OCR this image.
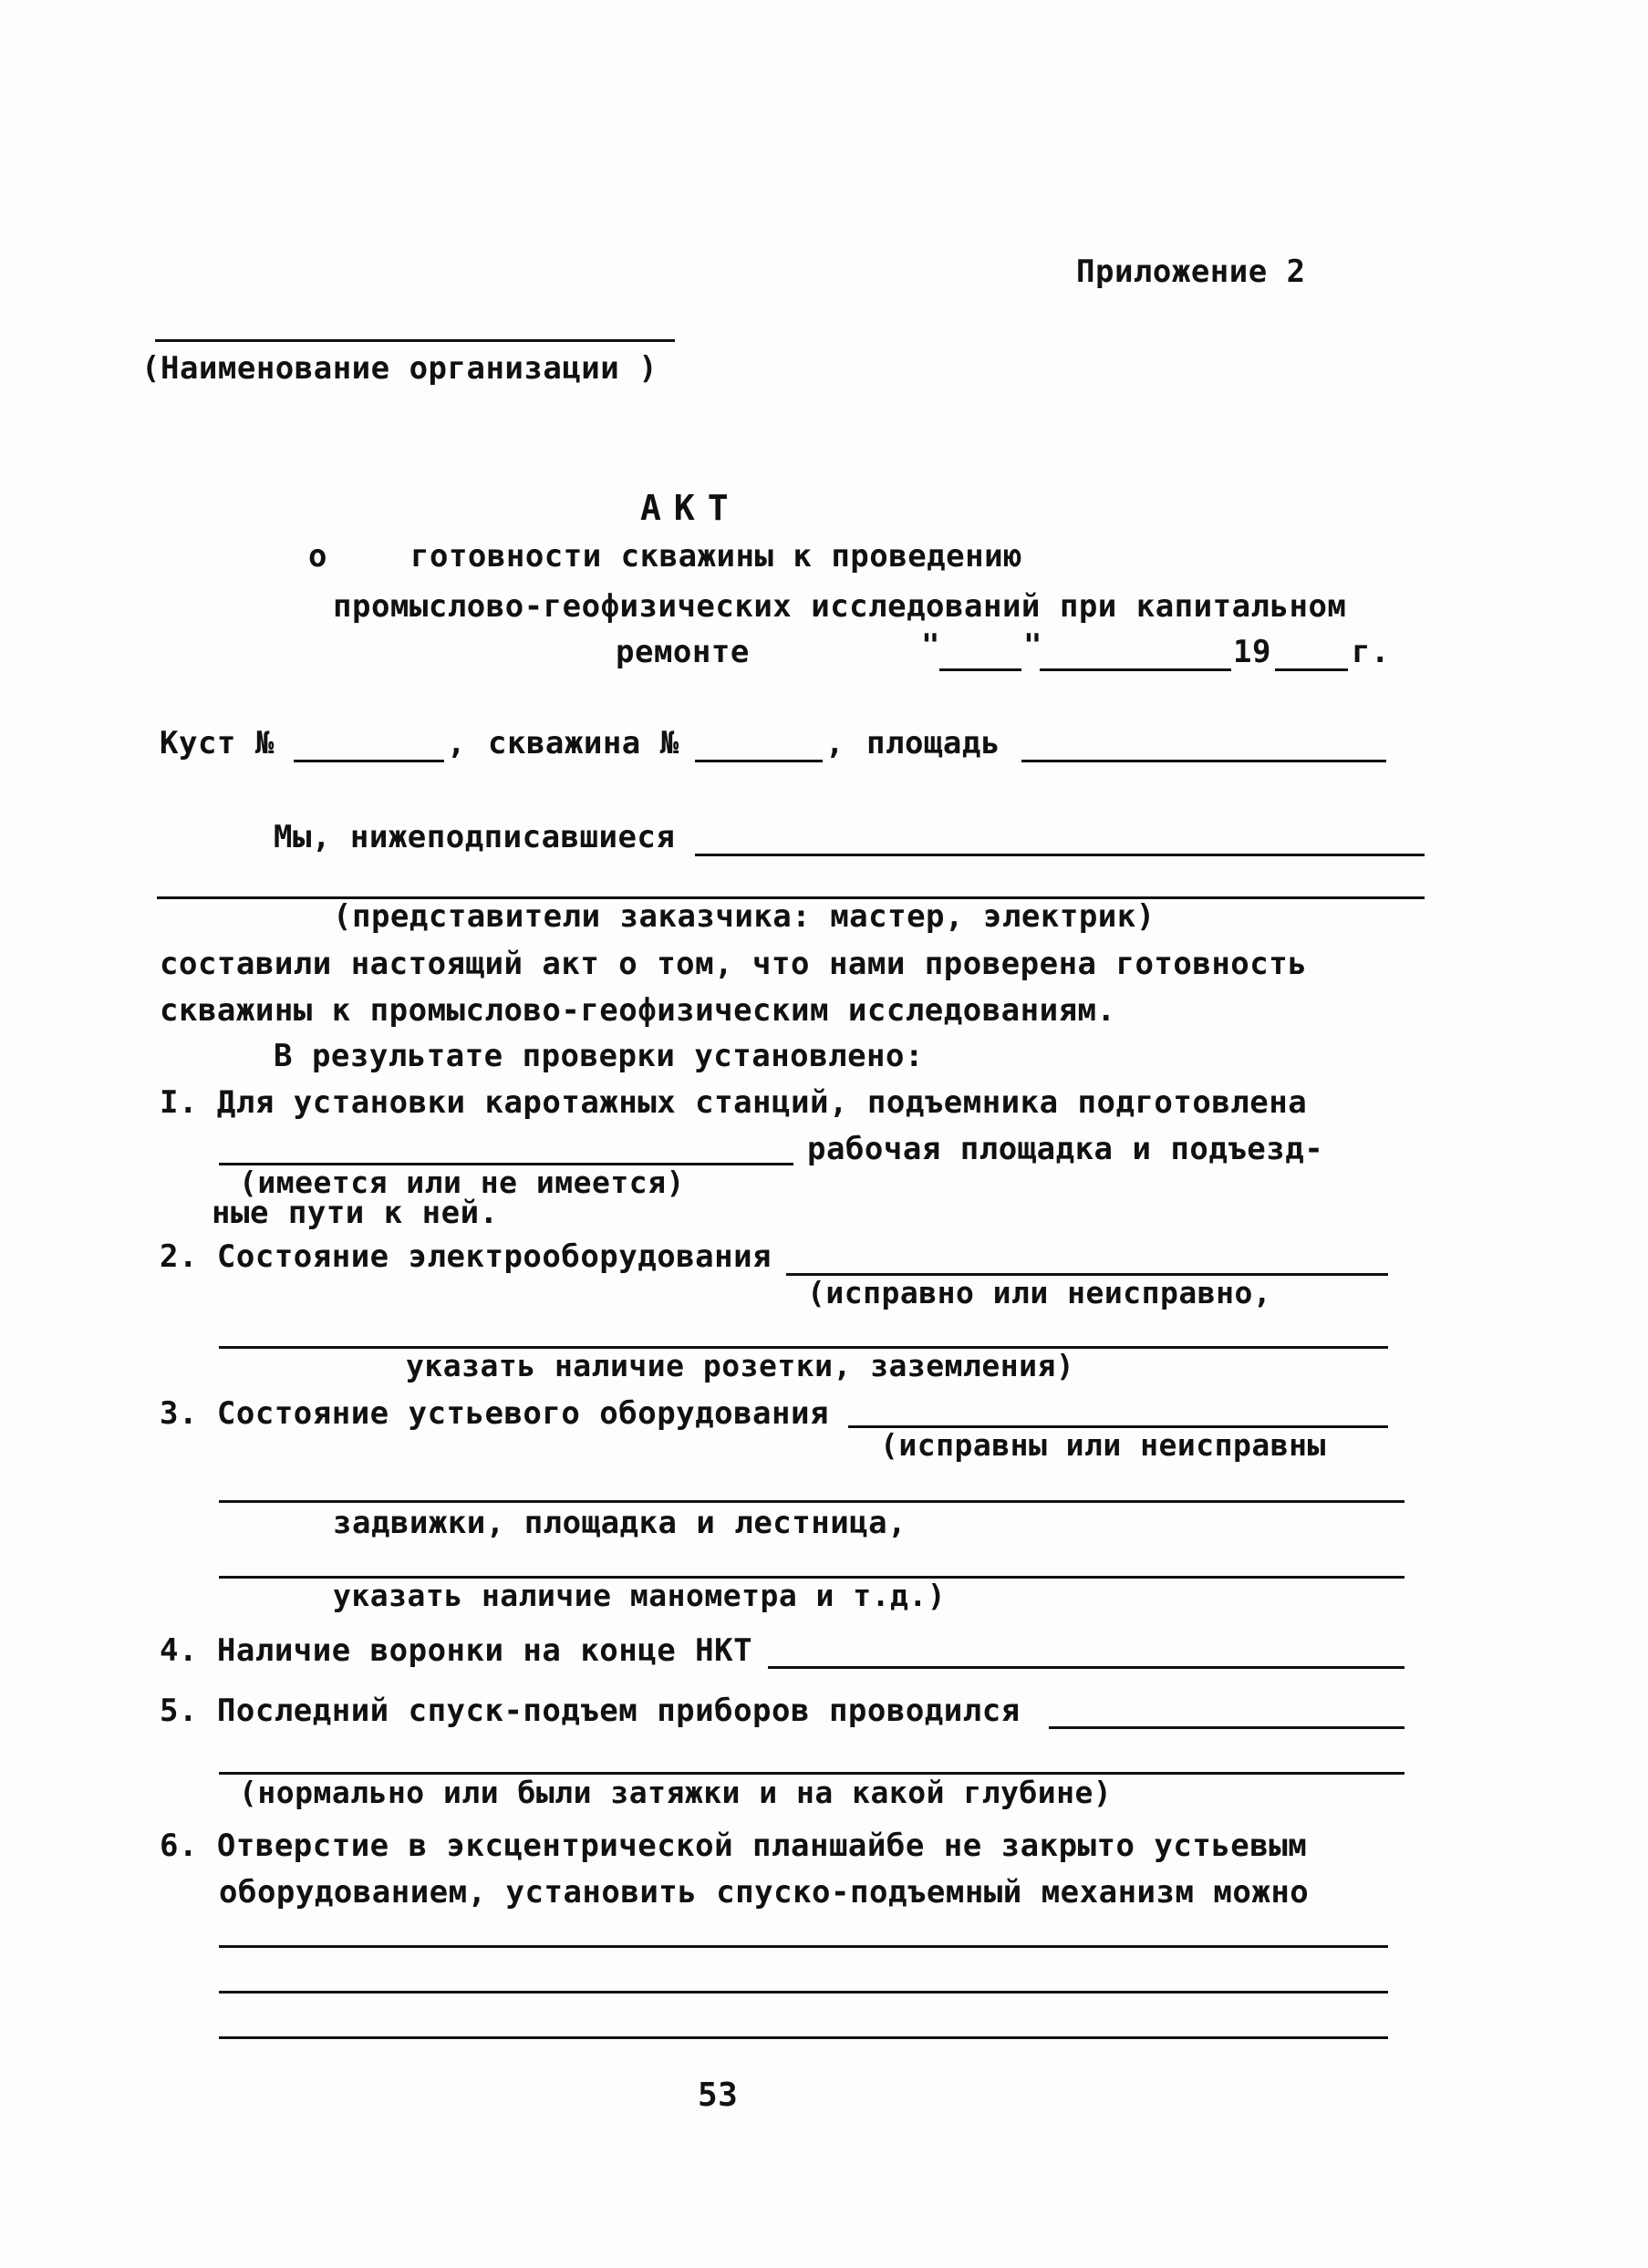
Приложение 2
(Наименование организации )
АКТ
о	готовности скважины к проведению
промыслово-геофизических исследований при капитальном
ремонте	"	"	19	г.
Куст №	, скважина №	, площадь
Мы, нижеподписавшиеся
(представители заказчика: мастер, электрик)
составили настоящий акт о том, что нами проверена готовность
скважины к промыслово-геофизическим исследованиям.
В результате проверки установлено:
I. Для установки каротажных станций, подъемника подготовлена
рабочая площадка и подъезд-
(имеется или не имеется)
ные пути к ней.
2. Состояние электрооборудования
(исправно или неисправно,
указать наличие розетки, заземления)
3. Состояние устьевого оборудования
(исправны или неисправны
задвижки, площадка и лестница,
указать наличие манометра и т.д.)
4. Наличие воронки на конце НКТ
5. Последний спуск-подъем приборов проводился
(нормально или были затяжки и на какой глубине)
6. Отверстие в эксцентрической планшайбе не закрыто устьевым
оборудованием, установить спуско-подъемный механизм можно
53
